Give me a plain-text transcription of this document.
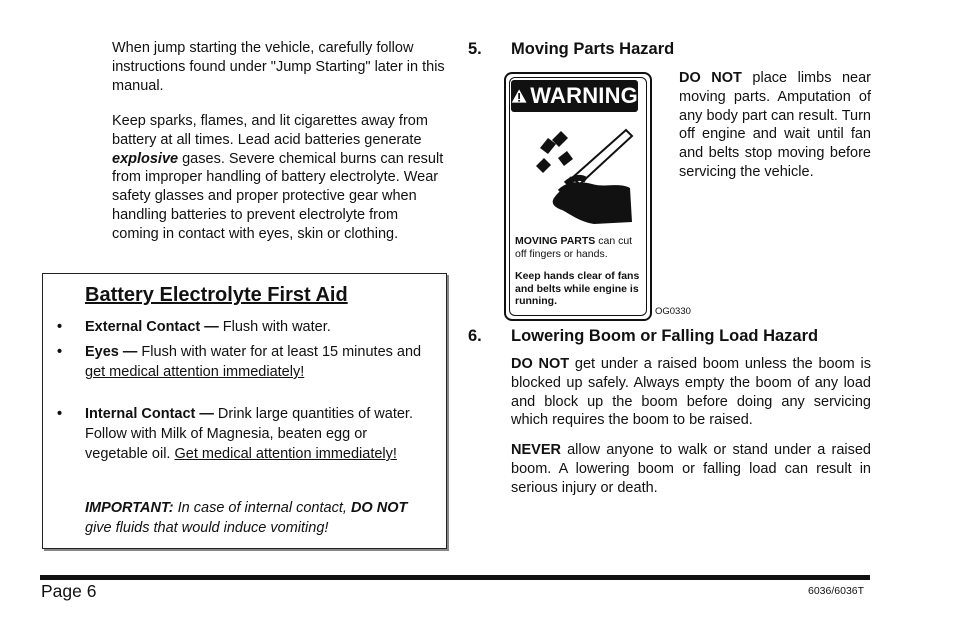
When jump starting the vehicle, carefully follow instructions found under "Jump Starting" later in this manual.

Keep sparks, flames, and lit cigarettes away from battery at all times. Lead acid batteries generate explosive gases. Severe chemical burns can result from improper handling of battery electrolyte. Wear safety glasses and proper protective gear when handling batteries to prevent electrolyte from coming in contact with eyes, skin or clothing.

Battery Electrolyte First Aid
• External Contact — Flush with water.
• Eyes — Flush with water for at least 15 minutes and get medical attention immediately!
• Internal Contact — Drink large quantities of water. Follow with Milk of Magnesia, beaten egg or vegetable oil. Get medical attention immediately!
IMPORTANT: In case of internal contact, DO NOT give fluids that would induce vomiting!
5. Moving Parts Hazard
WARNING
MOVING PARTS can cut off fingers or hands.
Keep hands clear of fans and belts while engine is running.
OG0330

DO NOT place limbs near moving parts. Amputation of any body part can result. Turn off engine and wait until fan and belts stop moving before servicing the vehicle.

6. Lowering Boom or Falling Load Hazard

DO NOT get under a raised boom unless the boom is blocked up safely. Always empty the boom of any load and block up the boom before doing any servicing which requires the boom to be raised.

NEVER allow anyone to walk or stand under a raised boom. A lowering boom or falling load can result in serious injury or death.

Page 6	6036/6036T
